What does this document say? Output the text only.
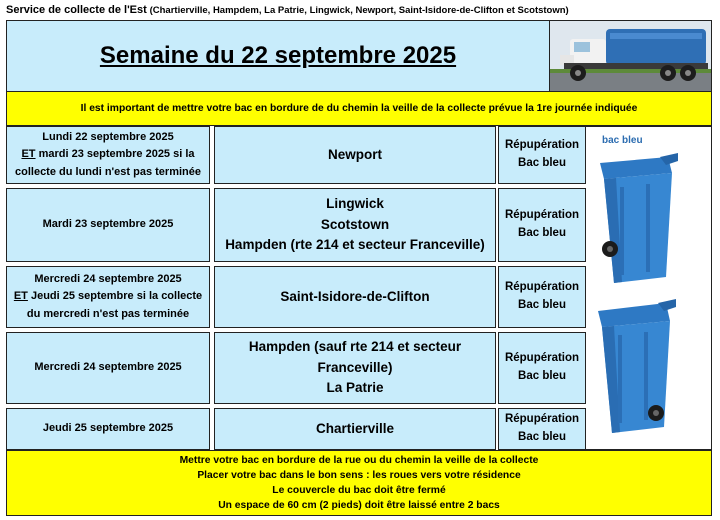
Service de collecte de l'Est (Chartierville, Hampdem, La Patrie, Lingwick, Newport, Saint-Isidore-de-Clifton et Scotstown)
Semaine du 22 septembre 2025
Il est important de mettre votre bac en bordure de du chemin la veille de la collecte prévue la 1re journée indiquée
Lundi 22 septembre 2025
ET mardi 23 septembre 2025 si la
collecte du lundi n'est pas terminée
Newport
Répupération
Bac bleu
Mardi 23 septembre 2025
Lingwick
Scotstown
Hampden (rte 214 et secteur Franceville)
Répupération
Bac bleu
Mercredi 24 septembre 2025
ET Jeudi 25 septembre si la collecte
du mercredi n'est pas terminée
Saint-Isidore-de-Clifton
Répupération
Bac bleu
Mercredi 24 septembre 2025
Hampden (sauf rte 214 et secteur
Franceville)
La Patrie
Répupération
Bac bleu
Jeudi 25 septembre 2025	Chartierville
Répupération
Bac bleu
bac bleu
Mettre votre bac en bordure de la rue ou du chemin la veille de la collecte
Placer votre bac dans le bon sens : les roues vers votre résidence
Le couvercle du bac doit être fermé
Un espace de 60 cm (2 pieds) doit être laissé entre 2 bacs
